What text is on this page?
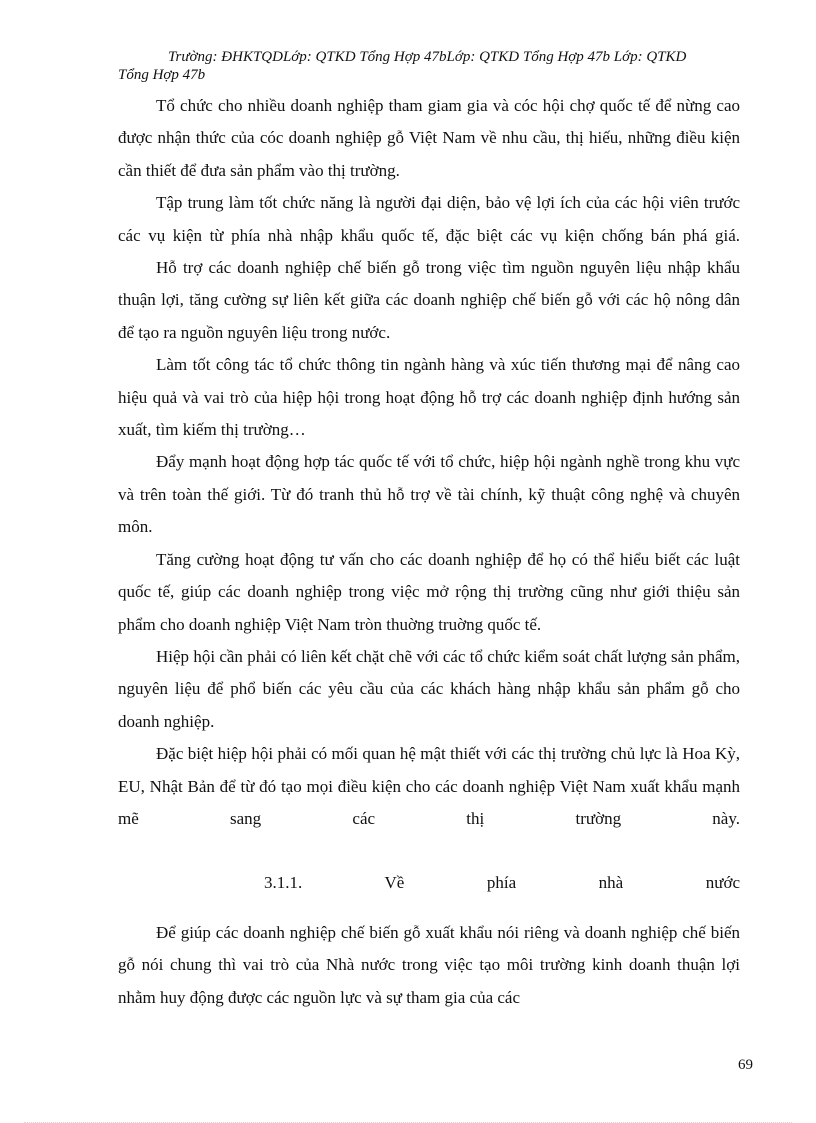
Trường: ĐHKTQDLớp: QTKD Tổng Hợp 47bLớp: QTKD Tổng Hợp 47b Lớp: QTKD
Tổng Hợp 47b

Tổ chức cho nhiều doanh nghiệp tham giam gia và cóc hội chợ quốc tế để nừng cao được nhận thức của cóc doanh nghiệp gỗ Việt Nam về nhu cầu, thị hiếu, những điều kiện cần thiết để đưa sản phẩm vào thị trường.

Tập trung làm tốt chức năng là người đại diện, bảo vệ lợi ích của các hội viên trước các vụ kiện từ phía nhà nhập khẩu quốc tế, đặc biệt các vụ kiện chống bán phá giá.

Hỗ trợ các doanh nghiệp chế biến gỗ trong việc tìm nguồn nguyên liệu nhập khẩu thuận lợi, tăng cường sự liên kết giữa các doanh nghiệp chế biến gỗ với các hộ nông dân để tạo ra nguồn nguyên liệu trong nước.

Làm tốt công tác tổ chức thông tin ngành hàng và xúc tiến thương mại để nâng cao hiệu quả và vai trò của hiệp hội trong hoạt động hỗ trợ các doanh nghiệp định hướng sản xuất, tìm kiếm thị trường…

Đẩy mạnh hoạt động hợp tác quốc tế với tổ chức, hiệp hội ngành nghề trong khu vực và trên toàn thế giới. Từ đó tranh thủ hỗ trợ về tài chính, kỹ thuật công nghệ và chuyên môn.

Tăng cường hoạt động tư vấn cho các doanh nghiệp để họ có thể hiểu biết các luật quốc tế, giúp các doanh nghiệp trong việc mở rộng thị trường cũng như giới thiệu sản phẩm cho doanh nghiệp Việt Nam tròn thuờng truờng quốc tế.

Hiệp hội cần phải có liên kết chặt chẽ với các tổ chức kiểm soát chất lượng sản phẩm, nguyên liệu để phổ biến các yêu cầu của các khách hàng nhập khẩu sản phẩm gỗ cho doanh nghiệp.

Đặc biệt hiệp hội phải có mối quan hệ mật thiết với các thị trường chủ lực là Hoa Kỳ, EU, Nhật Bản để từ đó tạo mọi điều kiện cho các doanh nghiệp Việt Nam xuất khẩu mạnh mẽ sang các thị trường này.

3.1.1. Về phía nhà nước

Để giúp các doanh nghiệp chế biến gỗ xuất khẩu nói riêng và doanh nghiệp chế biến gỗ nói chung thì vai trò của Nhà nước trong việc tạo môi trường kinh doanh thuận lợi nhằm huy động được các nguồn lực và sự tham gia của các

69
